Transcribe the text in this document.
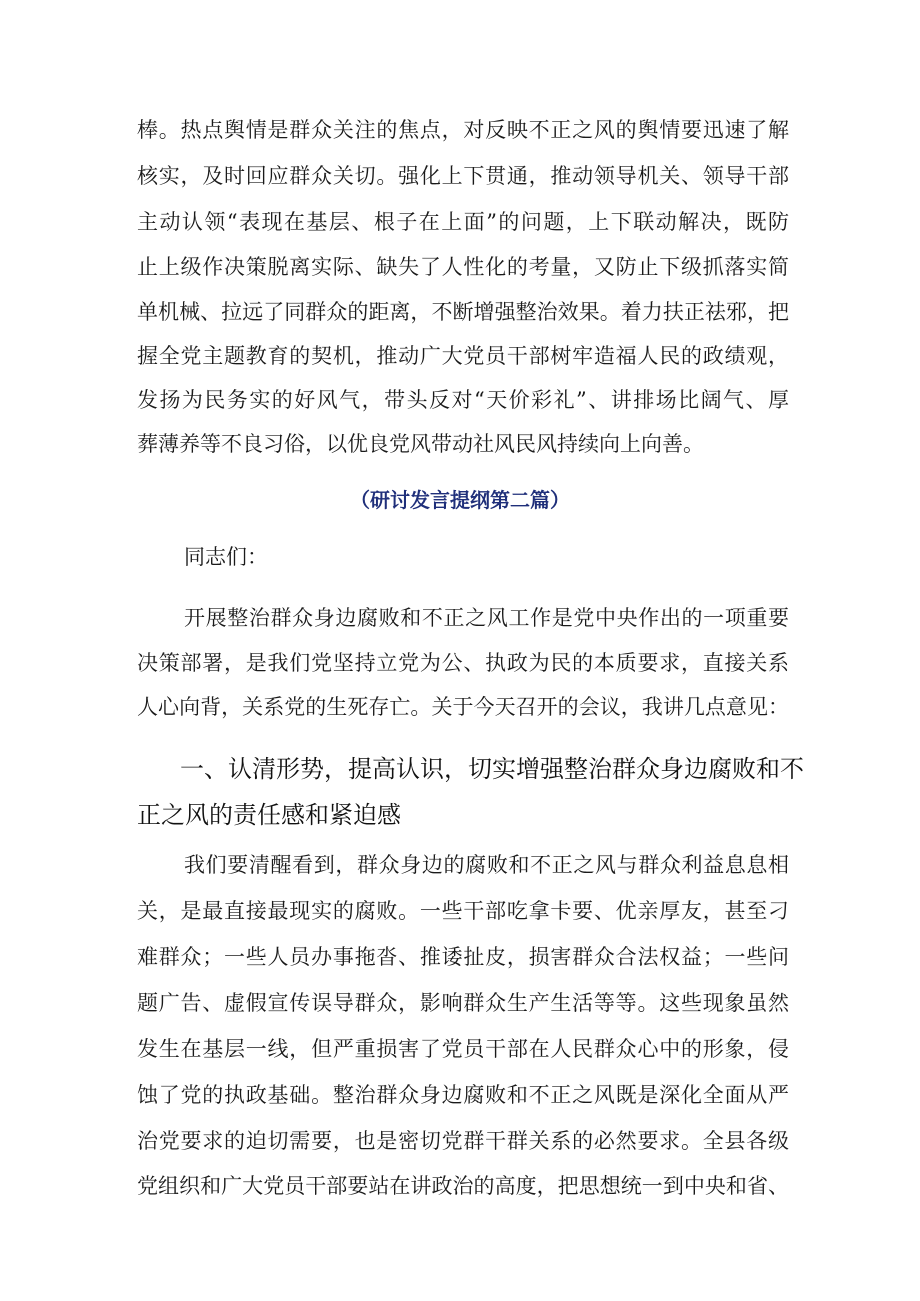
棒。热点舆情是群众关注的焦点，对反映不正之风的舆情要迅速了解
核实，及时回应群众关切。强化上下贯通，推动领导机关、领导干部
主动认领“表现在基层、根子在上面”的问题，上下联动解决，既防
止上级作决策脱离实际、缺失了人性化的考量，又防止下级抓落实简
单机械、拉远了同群众的距离，不断增强整治效果。着力扶正祛邪，把
握全党主题教育的契机，推动广大党员干部树牢造福人民的政绩观，
发扬为民务实的好风气，带头反对“天价彩礼”、讲排场比阔气、厚
葬薄养等不良习俗，以优良党风带动社风民风持续向上向善。
（研讨发言提纲第二篇）
同志们：
开展整治群众身边腐败和不正之风工作是党中央作出的一项重要
决策部署，是我们党坚持立党为公、执政为民的本质要求，直接关系
人心向背，关系党的生死存亡。关于今天召开的会议，我讲几点意见：
一、认清形势，提高认识，切实增强整治群众身边腐败和不
正之风的责任感和紧迫感
我们要清醒看到，群众身边的腐败和不正之风与群众利益息息相
关，是最直接最现实的腐败。一些干部吃拿卡要、优亲厚友，甚至刁
难群众；一些人员办事拖沓、推诿扯皮，损害群众合法权益；一些问
题广告、虚假宣传误导群众，影响群众生产生活等等。这些现象虽然
发生在基层一线，但严重损害了党员干部在人民群众心中的形象，侵
蚀了党的执政基础。整治群众身边腐败和不正之风既是深化全面从严
治党要求的迫切需要，也是密切党群干群关系的必然要求。全县各级
党组织和广大党员干部要站在讲政治的高度，把思想统一到中央和省、
